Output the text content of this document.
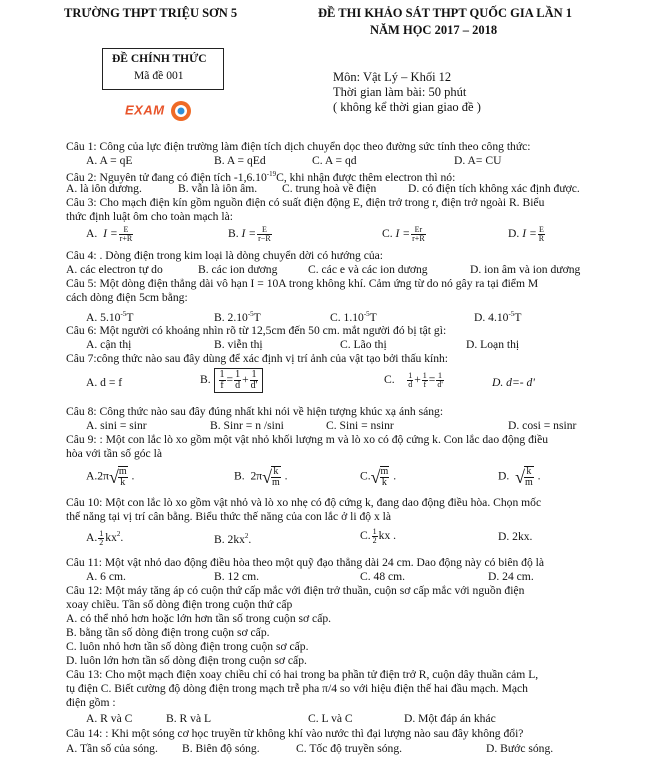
TRƯỜNG THPT TRIỆU SƠN 5	ĐỀ THI KHẢO SÁT THPT QUỐC GIA LẦN 1
NĂM HỌC 2017 – 2018
ĐỀ CHÍNH THỨC
Mã đề 001
EXAM
Môn: Vật Lý – Khối 12
Thời gian làm bài: 50 phút
( không kể thời gian giao đề )
Câu 1: Công của lực điện trường làm điện tích dịch chuyển dọc theo đường sức tính theo công thức:
A. A = qE	B. A = qEd	C. A = qd	D. A= CU
Câu 2: Nguyên tử đang có điện tích $-1,6.10^{-19}C$, khi nhận được thêm electron thì nó:
A. là iôn dương.	B. vẫn là iôn âm. C. trung hoà về điện	D. có điện tích không xác định được.
Câu 3: Cho mạch điện kín gồm nguồn điện có suất điện động E, điện trở trong r, điện trở ngoài R. Biểu
thức định luật ôm cho toàn mạch là:
A. $I = \frac{E}{r+R}$	B. $I = \frac{E}{r-R}$	C. $I = \frac{Er}{r+R}$	D. $I = \frac{E}{R}$
Câu 4: . Dòng điện trong kim loại là dòng chuyển dời có hướng của:
A. các electron tự do	B. các ion dương	C. các e và các ion dương	D. ion âm và ion dương
Câu 5: Một dòng điện thẳng dài vô hạn I = 10A trong không khí. Cảm ứng từ do nó gây ra tại điểm M
cách dòng điện 5cm bằng:
A. $5.10^{-5}T$	B. $2.10^{-5}T$	C. $1.10^{-5}T$	D. $4.10^{-5}T$
Câu 6: Một người có khoảng nhìn rõ từ 12,5cm đến 50 cm. mắt người đó bị tật gì:
A. cận thị	B. viễn thị	C. Lão thị	D. Loạn thị
Câu 7:công thức nào sau đây dùng để xác định vị trí ảnh của vật tạo bởi thấu kính:
A. d = f	B. $\frac{1}{f} = \frac{1}{d} + \frac{1}{d'}$	C. $\frac{1}{d} + \frac{1}{f} = \frac{1}{d'}$	D. d=- d'
Câu 8: Công thức nào sau đây đúng nhất khi nói về hiện tượng khúc xạ ánh sáng:
A. sini = sinr	B. Sinr = n /sini	C. Sini = nsinr	D. cosi = nsinr
Câu 9: : Một con lắc lò xo gồm một vật nhỏ khối lượng m và lò xo có độ cứng k. Con lắc dao động điều
hòa với tần số góc là
$A.2\pi√ \frac{m}{k}$ .	B. $2\pi√ \frac{k}{m}$ .	$C.√ \frac{m}{k}$ .	D. √ $\frac{k}{m}$ .
Câu 10: Một con lắc lò xo gồm vật nhỏ và lò xo nhẹ có độ cứng k, đang dao động điều hòa. Chọn mốc
thế năng tại vị trí cân bằng. Biểu thức thế năng của con lắc ở li độ x là
A. $\frac{1}{2} kx^2$.	B. $2kx^2$.	C. $\frac{1}{2}$ kx .	D. 2kx.
Câu 11: Một vật nhỏ dao động điều hòa theo một quỹ đạo thẳng dài 24 cm. Dao động này có biên độ là
A. 6 cm.	B. 12 cm.	C. 48 cm.	D. 24 cm.
Câu 12: Một máy tăng áp có cuộn thứ cấp mắc với điện trở thuần, cuộn sơ cấp mắc với nguồn điện
xoay chiều. Tần số dòng điện trong cuộn thứ cấp
A. có thể nhỏ hơn hoặc lớn hơn tần số trong cuộn sơ cấp.
B. bằng tần số dòng điện trong cuộn sơ cấp.
C. luôn nhỏ hơn tần số dòng điện trong cuộn sơ cấp.
D. luôn lớn hơn tần số dòng điện trong cuộn sơ cấp.
Câu 13: Cho một mạch điện xoay chiều chỉ có hai trong ba phần tử điện trở R, cuộn dây thuần cảm L,
tụ điện C. Biết cường độ dòng điện trong mạch trễ pha π/4 so với hiệu điện thế hai đầu mạch. Mạch
điện gồm :
A. R và C	B. R và L	C. L và C	D. Một đáp án khác
Câu 14: : Khi một sóng cơ học truyền từ không khí vào nước thì đại lượng nào sau đây không đổi?
A. Tần số của sóng. B. Biên độ sóng.	C. Tốc độ truyền sóng.	D. Bước sóng.
